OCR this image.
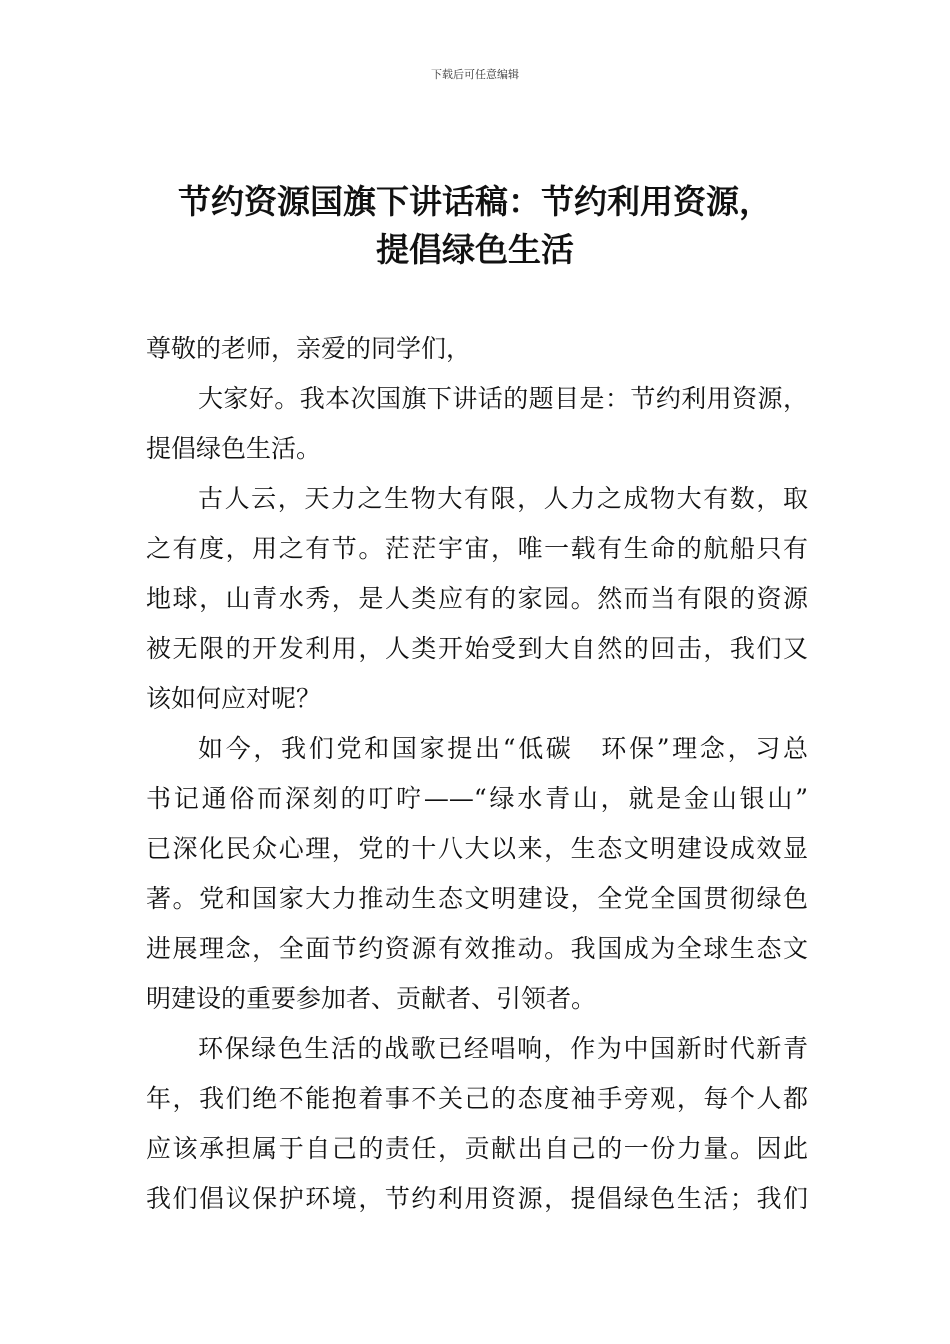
下载后可任意编辑
节约资源国旗下讲话稿：节约利用资源，
提倡绿色生活
尊敬的老师，亲爱的同学们，
大家好。我本次国旗下讲话的题目是：节约利用资源，
提倡绿色生活。
古人云，天力之生物大有限，人力之成物大有数，取
之有度，用之有节。茫茫宇宙，唯一载有生命的航船只有
地球，山青水秀，是人类应有的家园。然而当有限的资源
被无限的开发利用，人类开始受到大自然的回击，我们又
该如何应对呢？
如今，我们党和国家提出“低碳　环保”理念，习总
书记通俗而深刻的叮咛——“绿水青山，就是金山银山”
已深化民众心理，党的十八大以来，生态文明建设成效显
著。党和国家大力推动生态文明建设，全党全国贯彻绿色
进展理念，全面节约资源有效推动。我国成为全球生态文
明建设的重要参加者、贡献者、引领者。
环保绿色生活的战歌已经唱响，作为中国新时代新青
年，我们绝不能抱着事不关己的态度袖手旁观，每个人都
应该承担属于自己的责任，贡献出自己的一份力量。因此
我们倡议保护环境，节约利用资源，提倡绿色生活；我们
